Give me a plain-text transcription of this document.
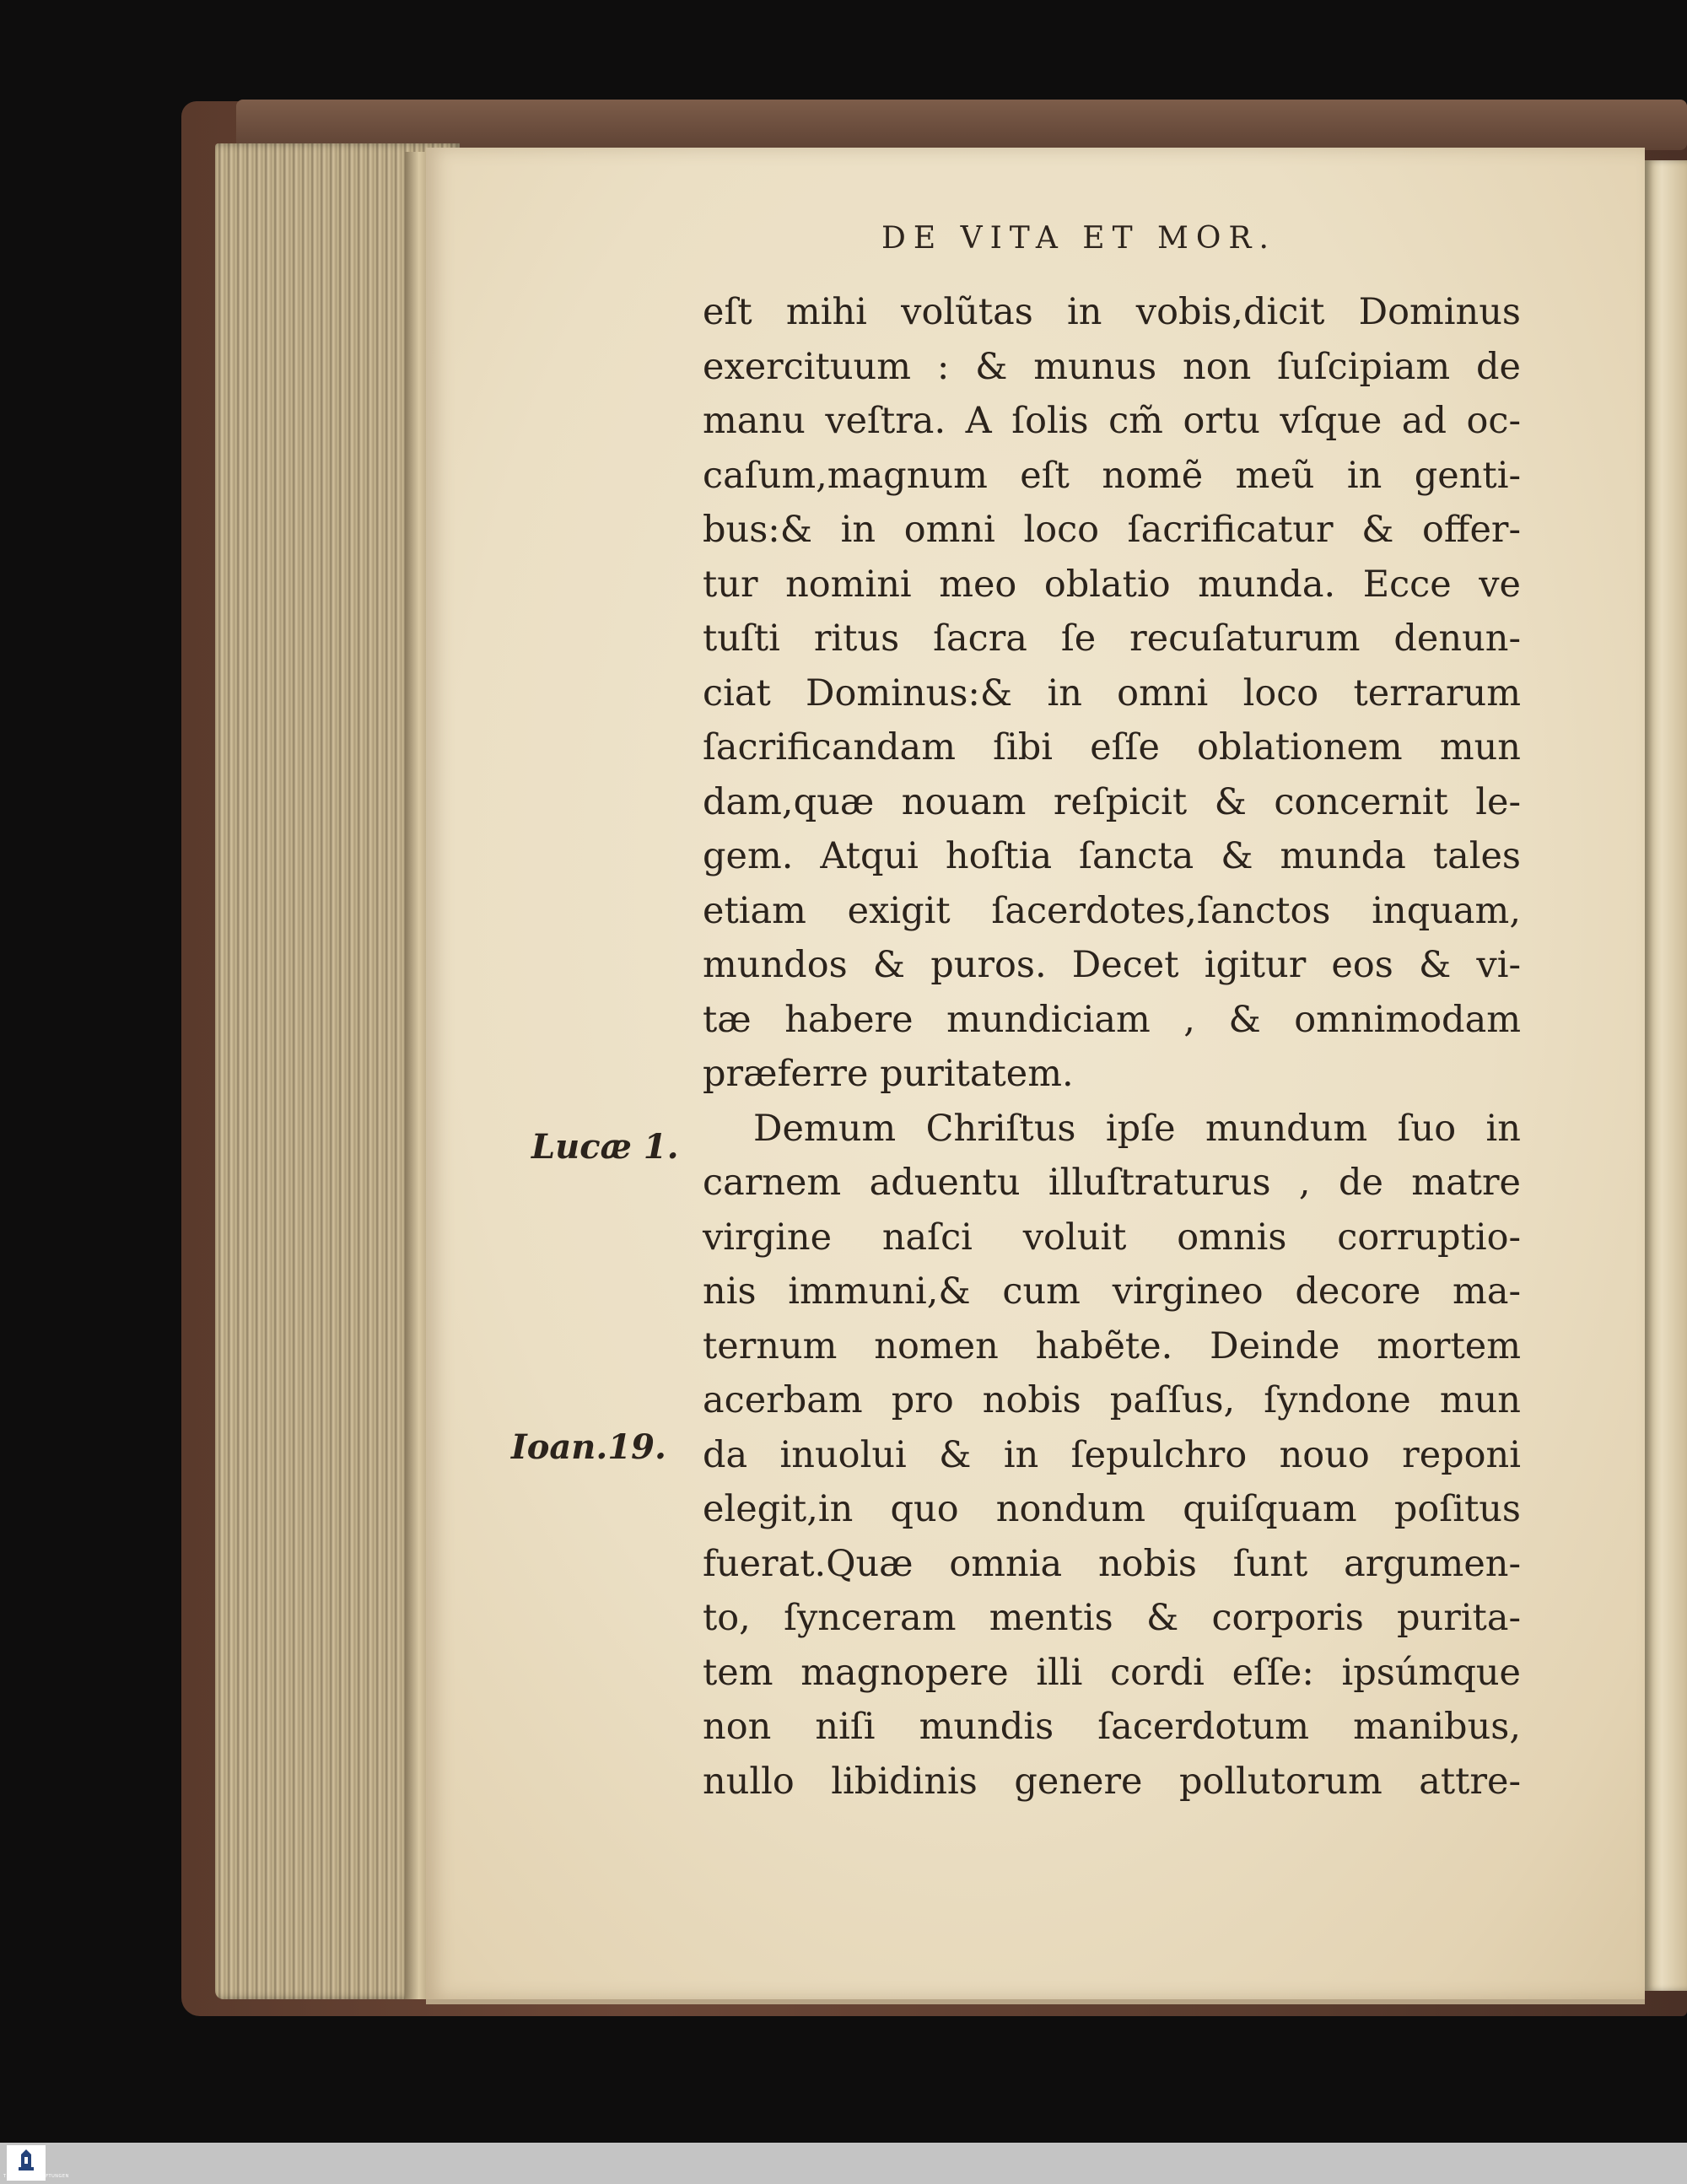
DE VITA ET MOR.

Lucæ 1.

Ioan.19.

eſt mihi volũtas in vobis,dicit Dominus
exercituum : & munus non ſuſcipiam de
manu veſtra. A ſolis cm̃ ortu vſque ad oc-
caſum,magnum eſt nomẽ meũ in genti-
bus:& in omni loco ſacrificatur & offer-
tur nomini meo oblatio munda. Ecce ve
tuſti ritus ſacra ſe recuſaturum denun-
ciat Dominus:& in omni loco terrarum
ſacrificandam ſibi eſſe oblationem mun
dam,quæ nouam reſpicit & concernit le-
gem. Atqui hoſtia ſancta & munda tales
etiam exigit ſacerdotes,ſanctos inquam,
mundos & puros. Decet igitur eos & vi-
tæ habere mundiciam , & omnimodam
præferre puritatem.
Demum Chriſtus ipſe mundum ſuo in
carnem aduentu illuſtraturus , de matre
virgine naſci voluit omnis corruptio-
nis immuni,& cum virgineo decore ma-
ternum nomen habẽte. Deinde mortem
acerbam pro nobis paſſus, ſyndone mun
da inuolui & in ſepulchro nouo reponi
elegit,in quo nondum quiſquam poſitus
fuerat.Quæ omnia nobis ſunt argumen-
to, ſynceram mentis & corporis purita-
tem magnopere illi cordi eſſe: ipsúmque
non niſi mundis ſacerdotum manibus,
nullo libidinis genere pollutorum attre-
TRUNKSSCHE STIFTUNGEN
